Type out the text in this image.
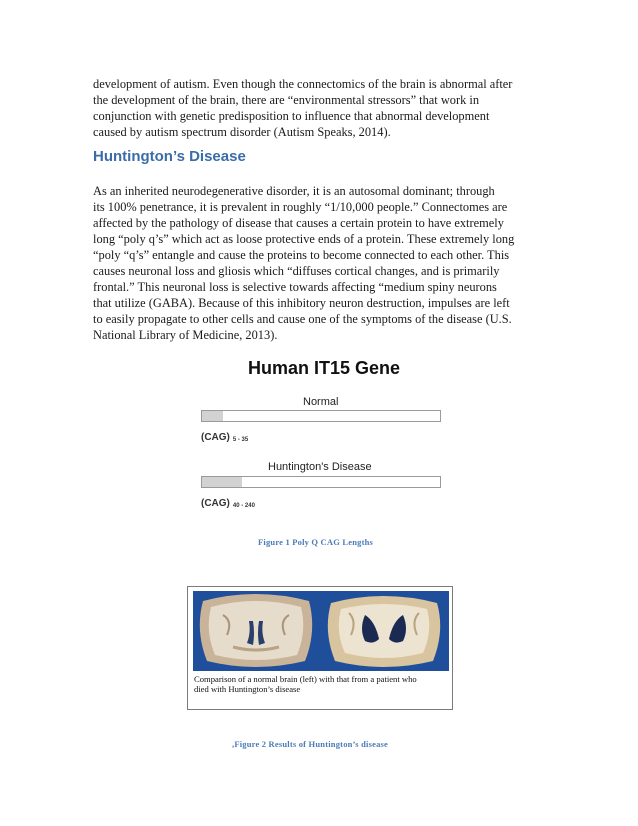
development of autism. Even though the connectomics of the brain is abnormal after
the development of the brain, there are “environmental stressors” that work in
conjunction with genetic predisposition to influence that abnormal development
caused by autism spectrum disorder (Autism Speaks, 2014).

Huntington’s Disease

As an inherited neurodegenerative disorder, it is an autosomal dominant; through
its 100% penetrance, it is prevalent in roughly “1/10,000 people.” Connectomes are
affected by the pathology of disease that causes a certain protein to have extremely
long “poly q’s” which act as loose protective ends of a protein. These extremely long
“poly “q’s” entangle and cause the proteins to become connected to each other. This
causes neuronal loss and gliosis which “diffuses cortical changes, and is primarily
frontal.” This neuronal loss is selective towards affecting “medium spiny neurons
that utilize (GABA). Because of this inhibitory neuron destruction, impulses are left
to easily propagate to other cells and cause one of the symptoms of the disease (U.S.
National Library of Medicine, 2013).

Human IT15 Gene
Normal
(CAG) 5 - 35
Huntington's Disease
(CAG) 40 - 240
Figure 1 Poly Q CAG Lengths
Comparison of a normal brain (left) with that from a patient who
died with Huntington’s disease
,Figure 2 Results of Huntington’s disease
